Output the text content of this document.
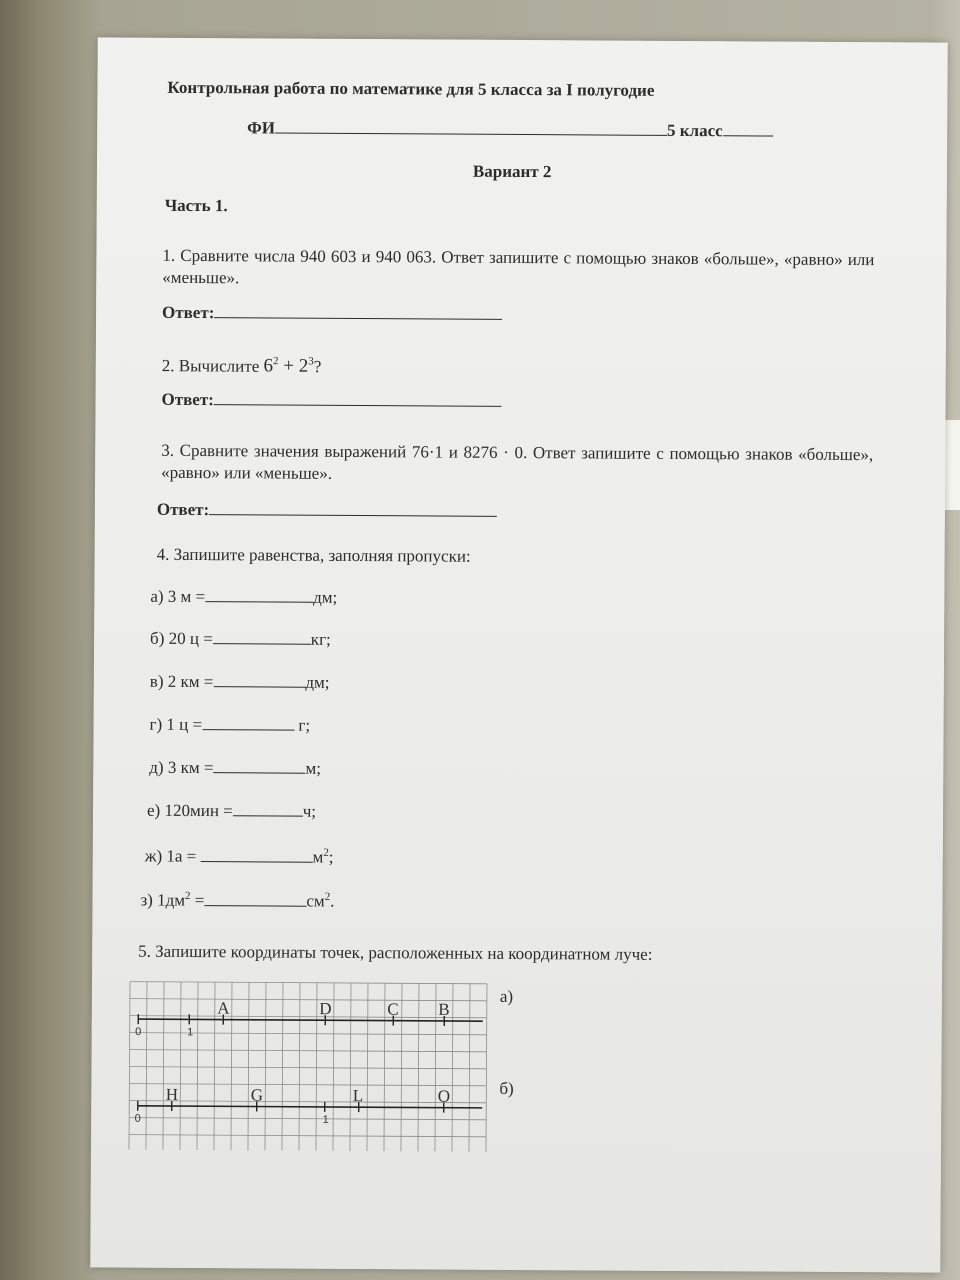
Контрольная работа по математике для 5 класса за I полугодие
ФИ	5 класс
Вариант 2
Часть 1.
1. Сравните числа 940 603 и 940 063. Ответ запишите с помощью знаков «больше», «равно» или «меньше».
Ответ:
2. Вычислите $6^2 + 2^3$?
Ответ:
3. Сравните значения выражений 76·1 и 8276 · 0. Ответ запишите с помощью знаков «больше», «равно» или «меньше».
Ответ:
4. Запишите равенства, заполняя пропуски:
а) 3 м =	дм;
б) 20 ц =	кг;
в) 2 км =	дм;
г) 1 ц =	г;
д) 3 км =	м;
е) 120мин =	ч;
ж) 1а =	$м^2$;
з) $1дм^2$ =	$см^2$.
5. Запишите координаты точек, расположенных на координатном луче:
0	1
A	D	C B
0	1
H	G	L	O
а)
б)
